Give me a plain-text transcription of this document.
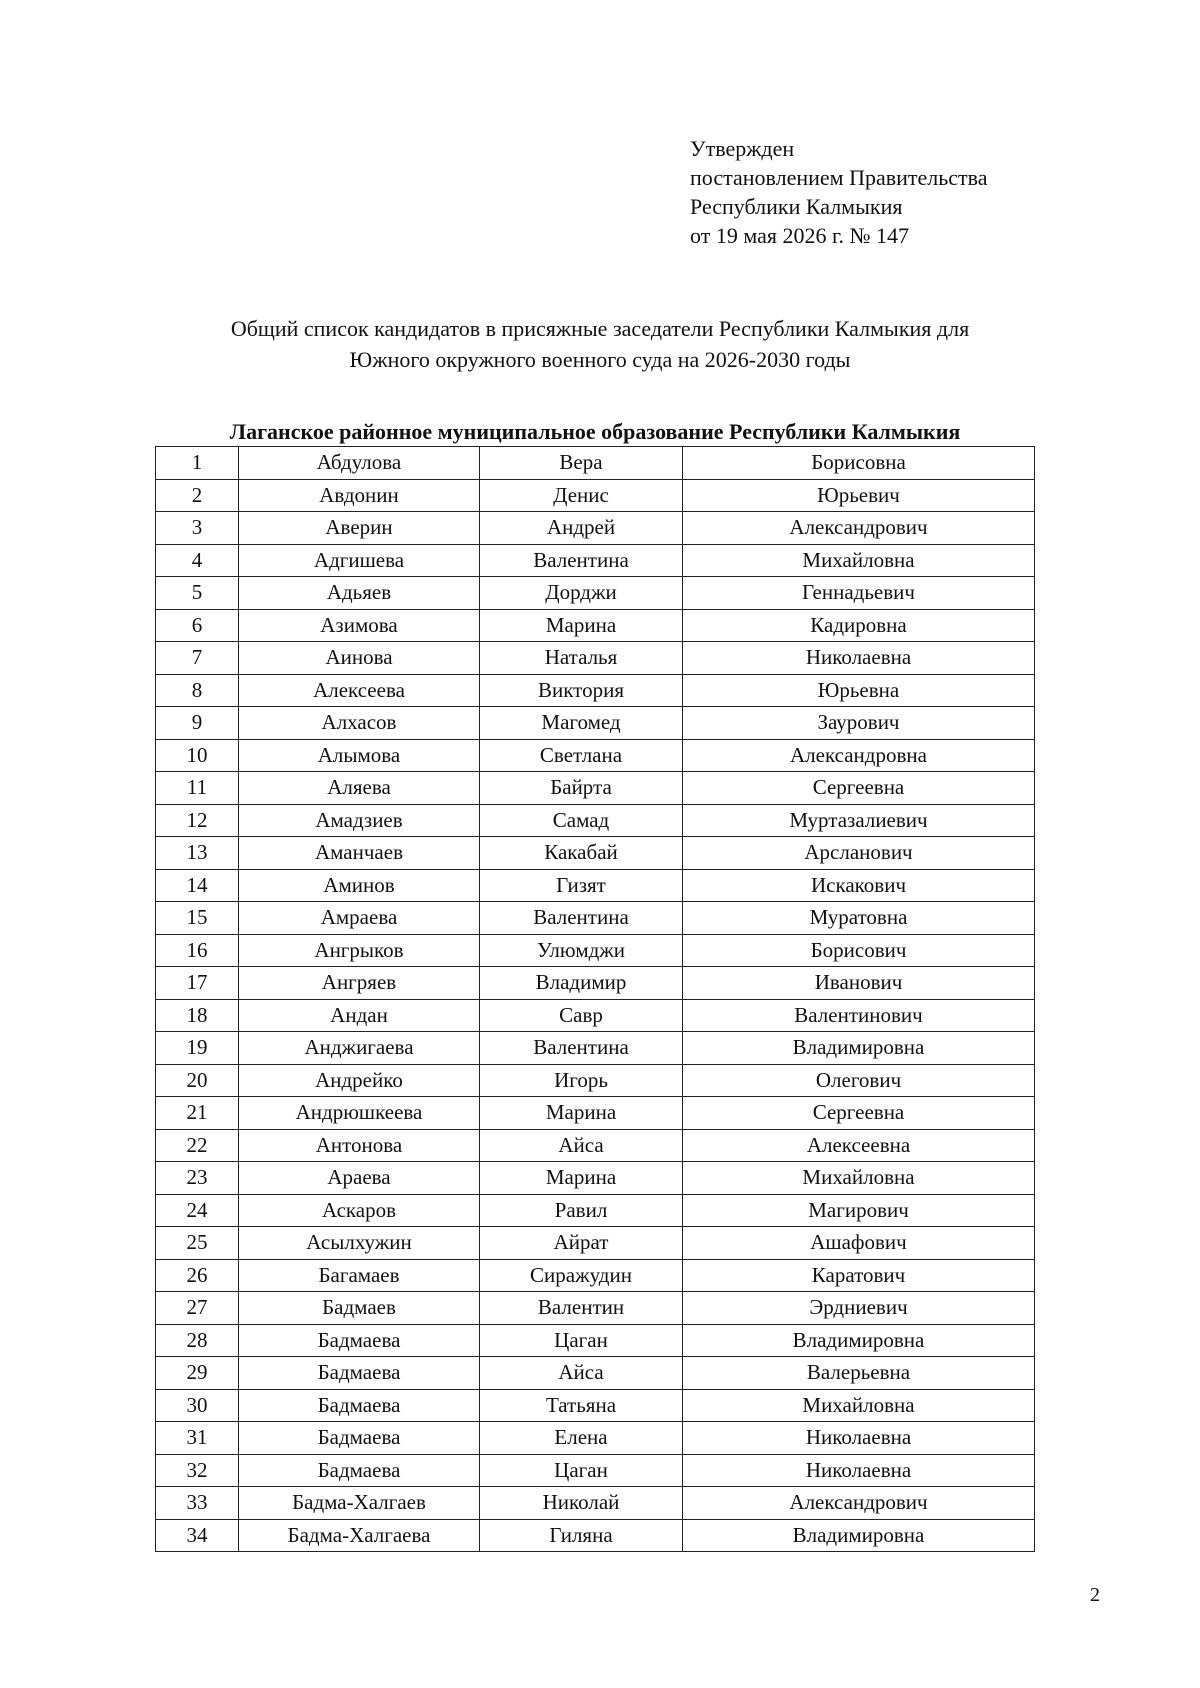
Утвержден
постановлением Правительства
Республики Калмыкия
от 19 мая 2026 г. № 147
Общий список кандидатов в присяжные заседатели Республики Калмыкия для
Южного окружного военного суда на 2026-2030 годы
Лаганское районное муниципальное образование Республики Калмыкия
1	Абдулова	Вера	Борисовна
2	Авдонин	Денис	Юрьевич
3	Аверин	Андрей	Александрович
4	Адгишева	Валентина	Михайловна
5	Адьяев	Дорджи	Геннадьевич
6	Азимова	Марина	Кадировна
7	Аинова	Наталья	Николаевна
8	Алексеева	Виктория	Юрьевна
9	Алхасов	Магомед	Заурович
10	Алымова	Светлана	Александровна
11	Аляева	Байрта	Сергеевна
12	Амадзиев	Самад	Муртазалиевич
13	Аманчаев	Какабай	Арсланович
14	Аминов	Гизят	Искакович
15	Амраева	Валентина	Муратовна
16	Ангрыков	Улюмджи	Борисович
17	Ангряев	Владимир	Иванович
18	Андан	Савр	Валентинович
19	Анджигаева	Валентина	Владимировна
20	Андрейко	Игорь	Олегович
21	Андрюшкеева	Марина	Сергеевна
22	Антонова	Айса	Алексеевна
23	Араева	Марина	Михайловна
24	Аскаров	Равил	Магирович
25	Асылхужин	Айрат	Ашафович
26	Багамаев	Сиражудин	Каратович
27	Бадмаев	Валентин	Эрдниевич
28	Бадмаева	Цаган	Владимировна
29	Бадмаева	Айса	Валерьевна
30	Бадмаева	Татьяна	Михайловна
31	Бадмаева	Елена	Николаевна
32	Бадмаева	Цаган	Николаевна
33	Бадма-Халгаев	Николай	Александрович
34	Бадма-Халгаева	Гиляна	Владимировна
2
